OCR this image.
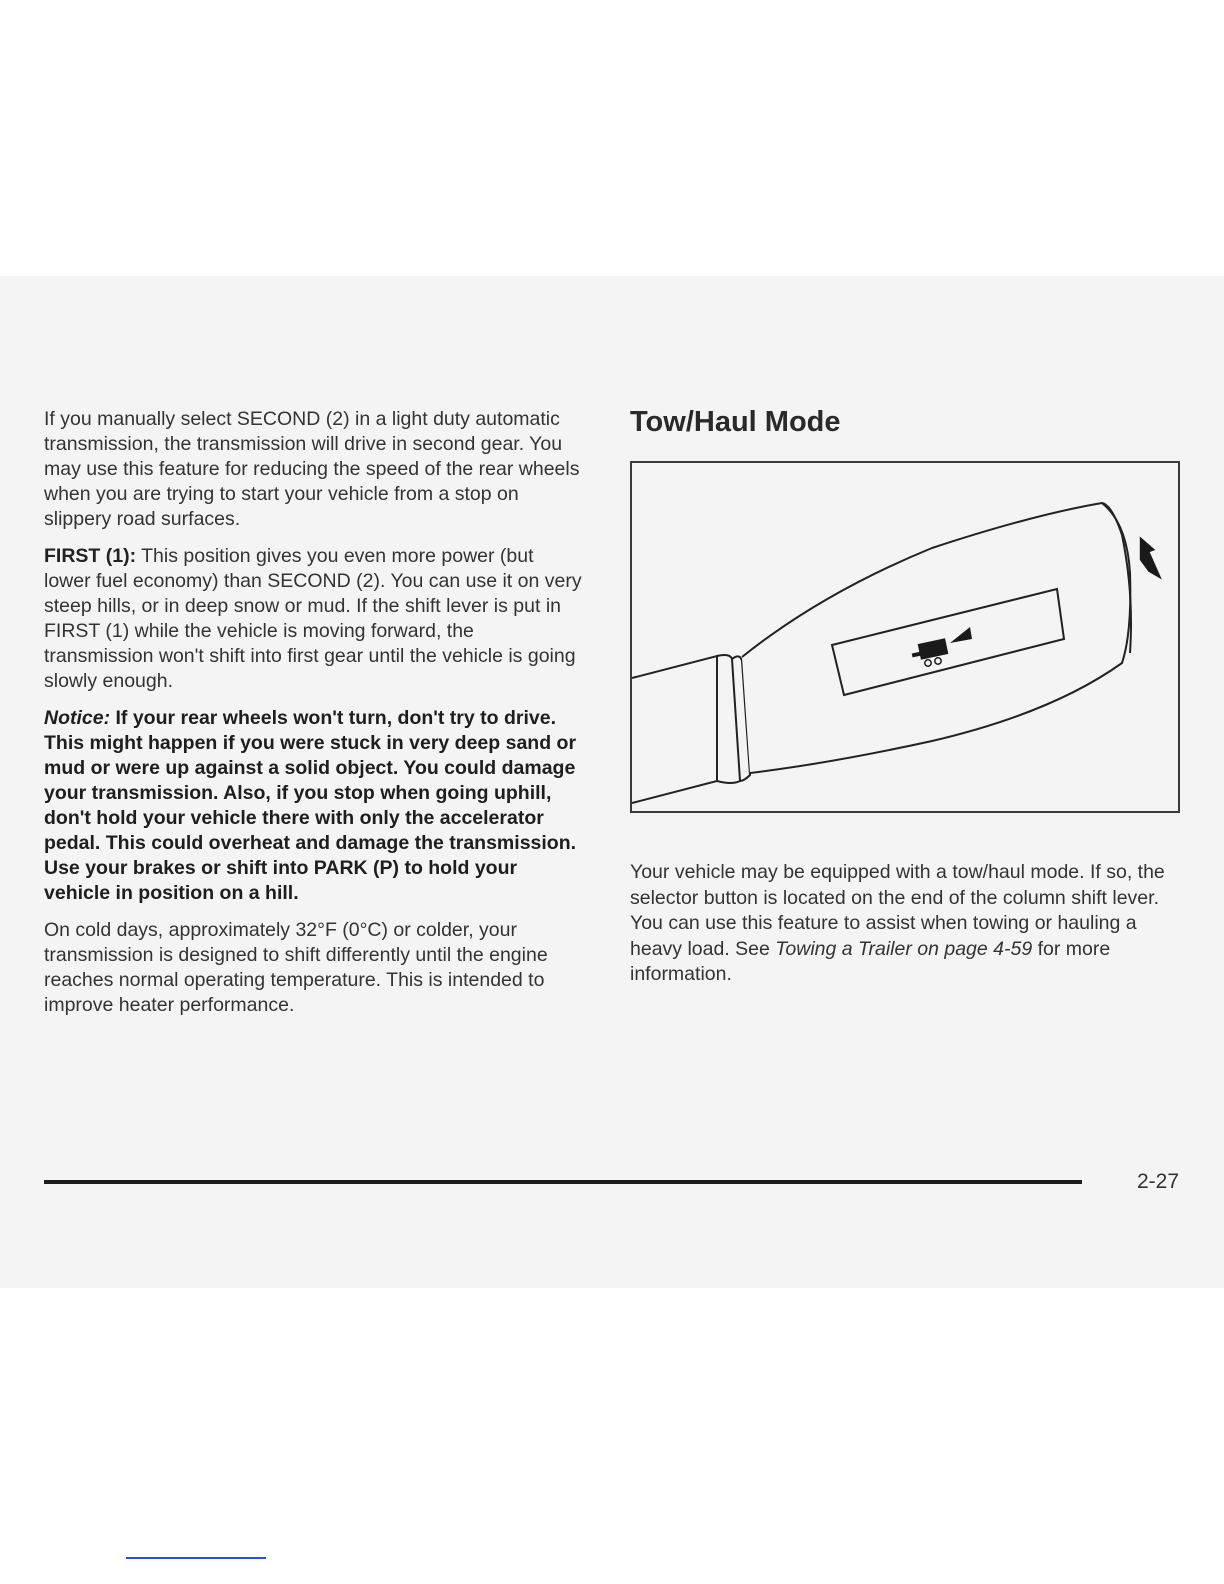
If you manually select SECOND (2) in a light duty automatic transmission, the transmission will drive in second gear. You may use this feature for reducing the speed of the rear wheels when you are trying to start your vehicle from a stop on slippery road surfaces.

FIRST (1): This position gives you even more power (but lower fuel economy) than SECOND (2). You can use it on very steep hills, or in deep snow or mud. If the shift lever is put in FIRST (1) while the vehicle is moving forward, the transmission won't shift into first gear until the vehicle is going slowly enough.

Notice: If your rear wheels won't turn, don't try to drive. This might happen if you were stuck in very deep sand or mud or were up against a solid object. You could damage your transmission. Also, if you stop when going uphill, don't hold your vehicle there with only the accelerator pedal. This could overheat and damage the transmission. Use your brakes or shift into PARK (P) to hold your vehicle in position on a hill.

On cold days, approximately 32°F (0°C) or colder, your transmission is designed to shift differently until the engine reaches normal operating temperature. This is intended to improve heater performance.

Tow/Haul Mode

Your vehicle may be equipped with a tow/haul mode. If so, the selector button is located on the end of the column shift lever. You can use this feature to assist when towing or hauling a heavy load. See Towing a Trailer on page 4-59 for more information.

2-27
